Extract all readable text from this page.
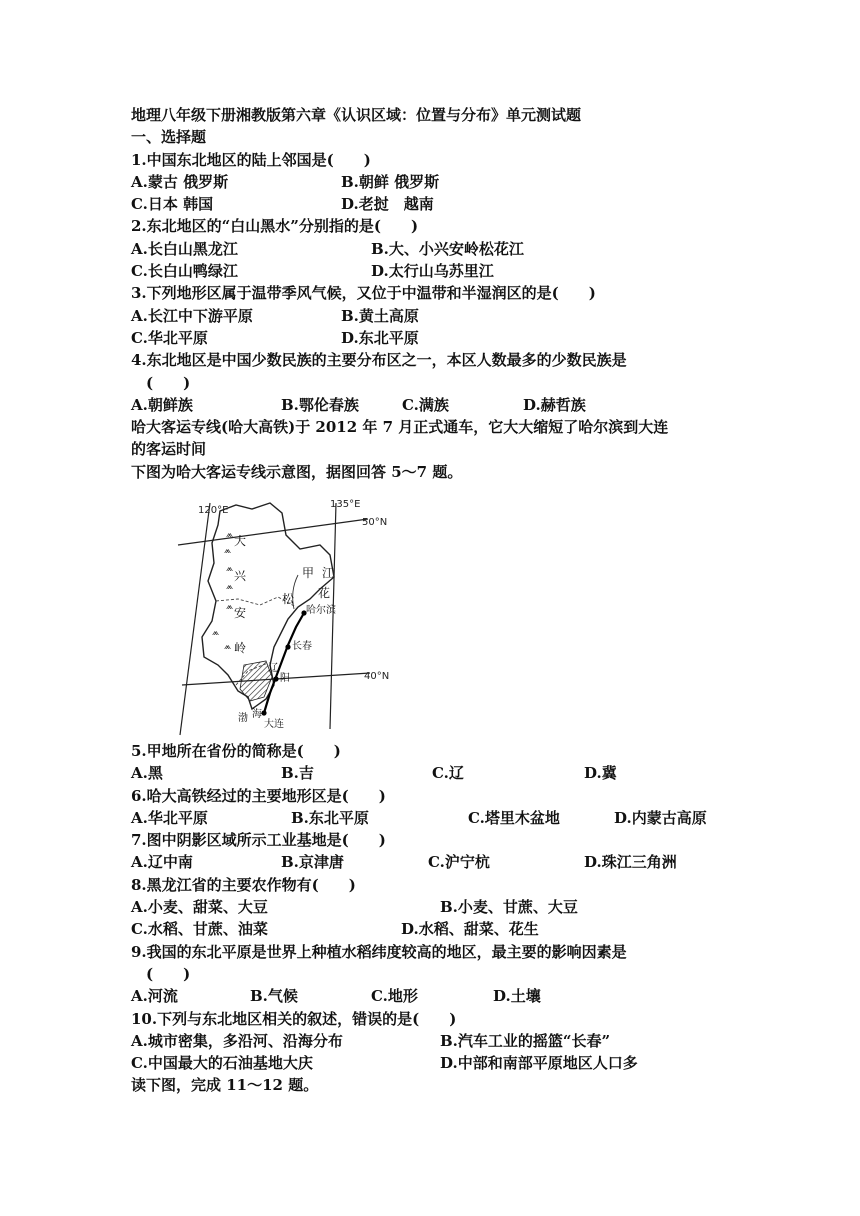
地理八年级下册湘教版第六章《认识区域：位置与分布》单元测试题
一、选择题
1.中国东北地区的陆上邻国是(　　)
A.蒙古 俄罗斯	B.朝鲜 俄罗斯
C.日本 韩国	D.老挝　越南
2.东北地区的“白山黑水”分别指的是(　　)
A.长白山黑龙江	B.大、小兴安岭松花江
C.长白山鸭绿江	D.太行山乌苏里江
3.下列地形区属于温带季风气候，又位于中温带和半湿润区的是(　　)
A.长江中下游平原	B.黄土高原
C.华北平原	D.东北平原
4.东北地区是中国少数民族的主要分布区之一，本区人数最多的少数民族是
　(　　)
A.朝鲜族	B.鄂伦春族	C.满族	D.赫哲族
哈大客运专线(哈大高铁)于 2012 年 7 月正式通车，它大大缩短了哈尔滨到大连
的客运时间
下图为哈大客运专线示意图，据图回答 5～7 题。
⩕
⩕
⩕
⩕
⩕
⩕
⩕
120°E
135°E
50°N
40°N
大
兴
安
岭
甲 江
松 花
哈尔滨
长春
辽
阳
渤 海
大连
5.甲地所在省份的简称是(　　)
A.黑	B.吉	C.辽	D.冀
6.哈大高铁经过的主要地形区是(　　)
A.华北平原	B.东北平原	C.塔里木盆地	D.内蒙古高原
7.图中阴影区域所示工业基地是(　　)
A.辽中南	B.京津唐	C.沪宁杭	D.珠江三角洲
8.黑龙江省的主要农作物有(　　)
A.小麦、甜菜、大豆	B.小麦、甘蔗、大豆
C.水稻、甘蔗、油菜	D.水稻、甜菜、花生
9.我国的东北平原是世界上种植水稻纬度较高的地区，最主要的影响因素是
　(　　)
A.河流	B.气候	C.地形	D.土壤
10.下列与东北地区相关的叙述，错误的是(　　)
A.城市密集，多沿河、沿海分布	B.汽车工业的摇篮“长春”
C.中国最大的石油基地大庆	D.中部和南部平原地区人口多
读下图，完成 11～12 题。
